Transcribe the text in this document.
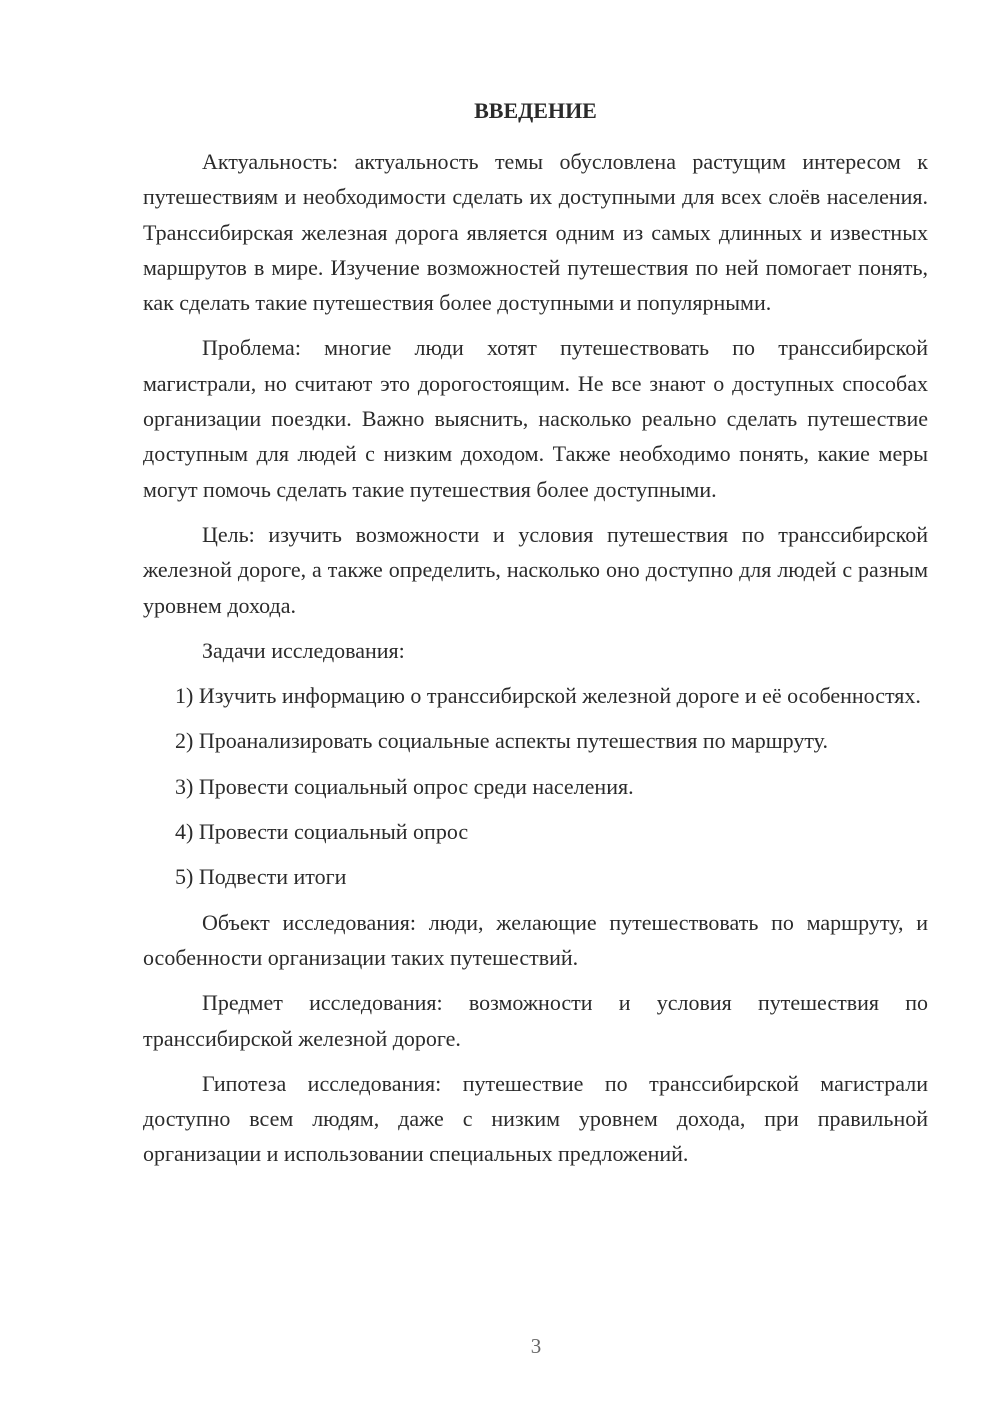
ВВЕДЕНИЕ

Актуальность: актуальность темы обусловлена растущим интересом к путешествиям и необходимости сделать их доступными для всех слоёв населения. Транссибирская железная дорога является одним из самых длинных и известных маршрутов в мире. Изучение возможностей путешествия по ней помогает понять, как сделать такие путешествия более доступными и популярными.

Проблема: многие люди хотят путешествовать по транссибирской магистрали, но считают это дорогостоящим. Не все знают о доступных способах организации поездки. Важно выяснить, насколько реально сделать путешествие доступным для людей с низким доходом. Также необходимо понять, какие меры могут помочь сделать такие путешествия более доступными.

Цель: изучить возможности и условия путешествия по транссибирской железной дороге, а также определить, насколько оно доступно для людей с разным уровнем дохода.

Задачи исследования:

1) Изучить информацию о транссибирской железной дороге и её особенностях.

2) Проанализировать социальные аспекты путешествия по маршруту.

3) Провести социальный опрос среди населения.

4) Провести социальный опрос

5) Подвести итоги

Объект исследования: люди, желающие путешествовать по маршруту, и особенности организации таких путешествий.

Предмет исследования: возможности и условия путешествия по транссибирской железной дороге.

Гипотеза исследования: путешествие по транссибирской магистрали доступно всем людям, даже с низким уровнем дохода, при правильной организации и использовании специальных предложений.

3
